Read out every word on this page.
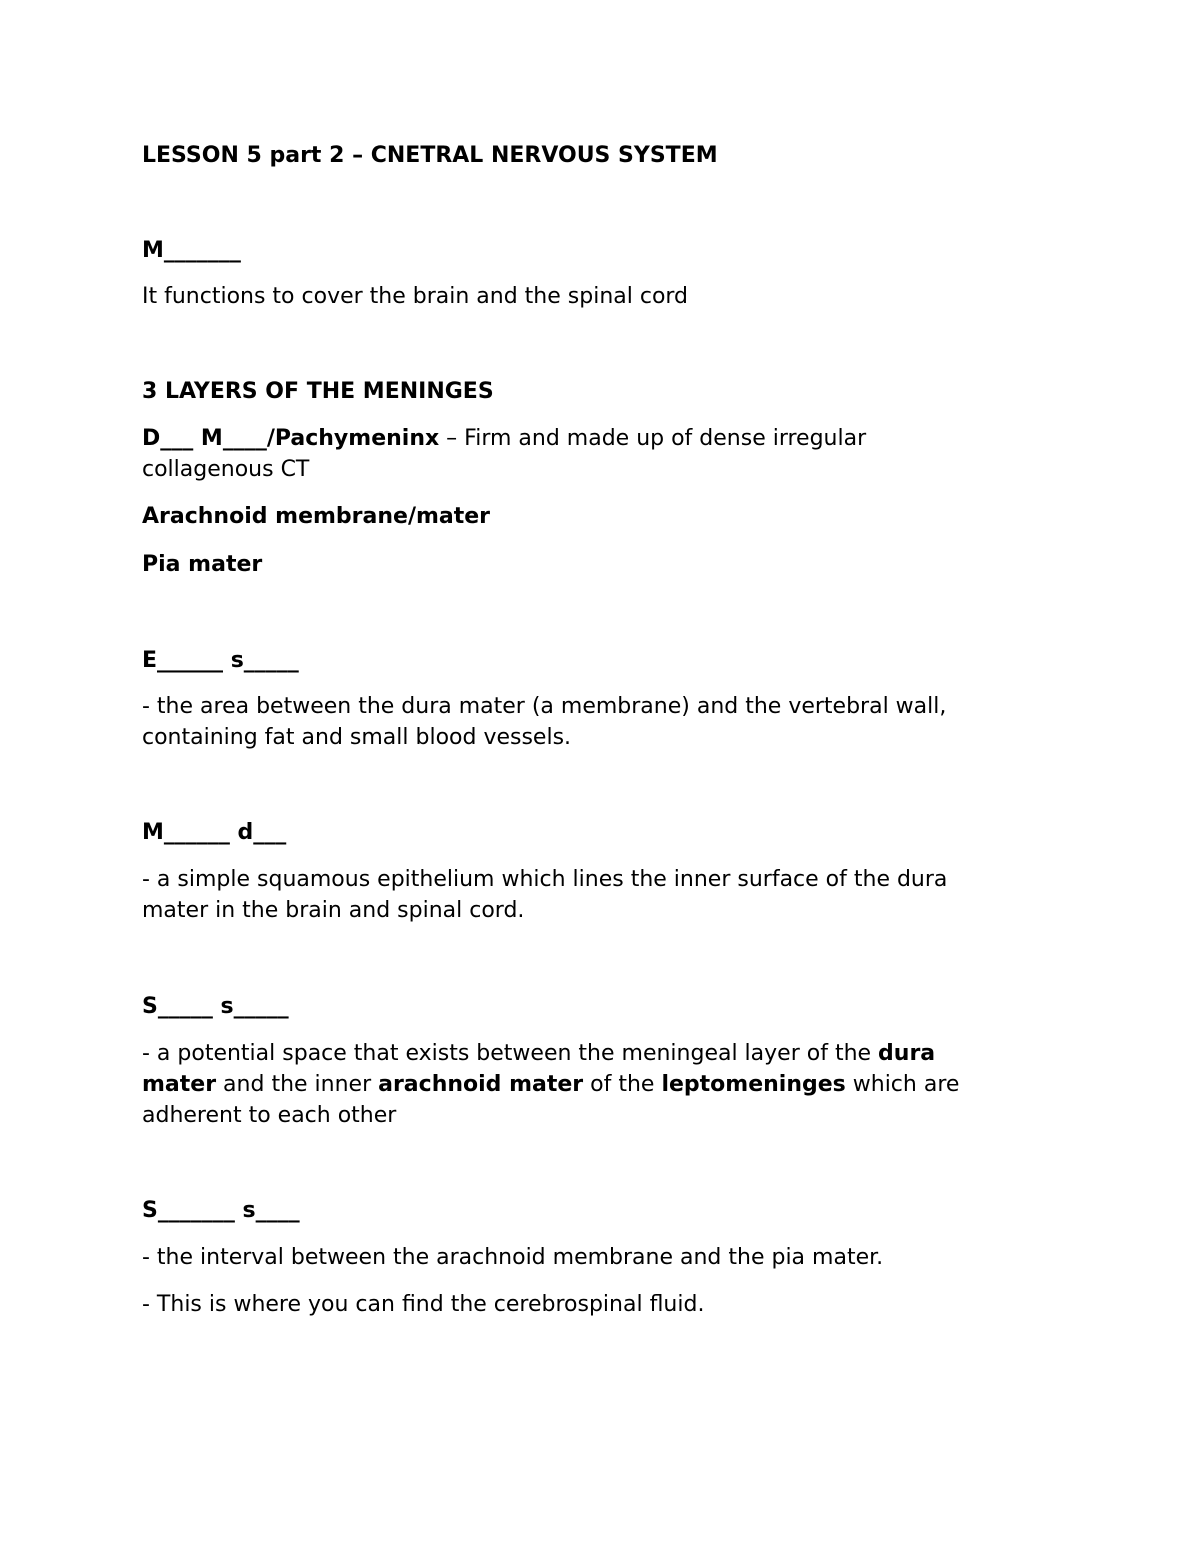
LESSON 5 part 2 – CNETRAL NERVOUS SYSTEM
M_______
It functions to cover the brain and the spinal cord
3 LAYERS OF THE MENINGES
D___ M____/Pachymeninx – Firm and made up of dense irregular
collagenous CT
Arachnoid membrane/mater
Pia mater
E______ s_____
- the area between the dura mater (a membrane) and the vertebral wall,
containing fat and small blood vessels.
M______ d___
- a simple squamous epithelium which lines the inner surface of the dura
mater in the brain and spinal cord.
S_____ s_____
- a potential space that exists between the meningeal layer of the dura
mater and the inner arachnoid mater of the leptomeninges which are
adherent to each other
S_______ s____
- the interval between the arachnoid membrane and the pia mater.
- This is where you can find the cerebrospinal fluid.
